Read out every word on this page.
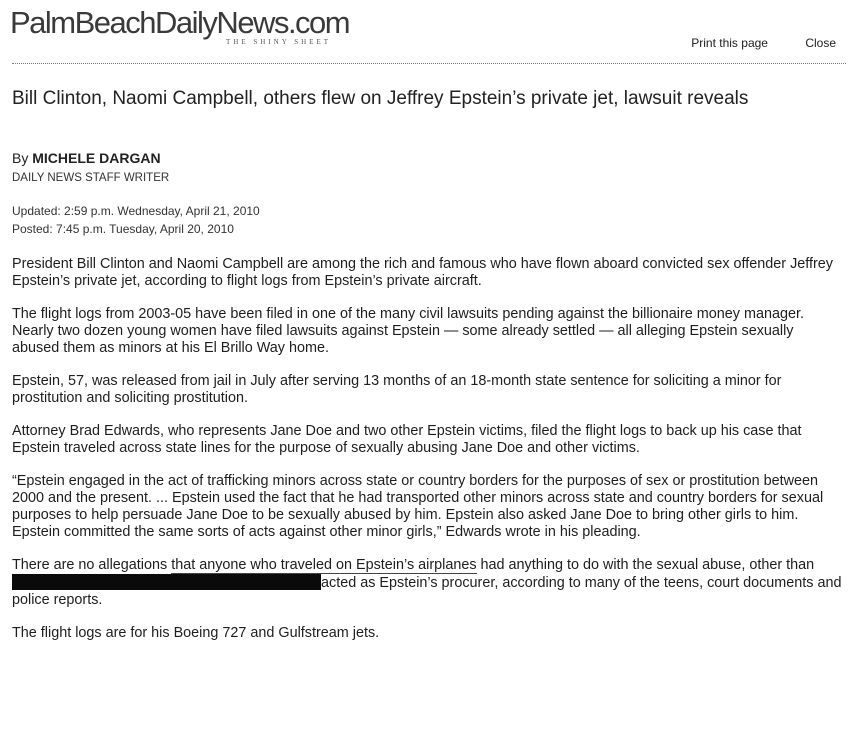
PalmBeachDailyNews.com
THE SHINY SHEET	Print this page	Close
Bill Clinton, Naomi Campbell, others flew on Jeffrey Epstein’s private jet, lawsuit reveals
By MICHELE DARGAN
DAILY NEWS STAFF WRITER
Updated: 2:59 p.m. Wednesday, April 21, 2010
Posted: 7:45 p.m. Tuesday, April 20, 2010

President Bill Clinton and Naomi Campbell are among the rich and famous who have flown aboard convicted sex offender Jeffrey Epstein’s private jet, according to flight logs from Epstein’s private aircraft.

The flight logs from 2003-05 have been filed in one of the many civil lawsuits pending against the billionaire money manager. Nearly two dozen young women have filed lawsuits against Epstein — some already settled — all alleging Epstein sexually abused them as minors at his El Brillo Way home.

Epstein, 57, was released from jail in July after serving 13 months of an 18-month state sentence for soliciting a minor for prostitution and soliciting prostitution.

Attorney Brad Edwards, who represents Jane Doe and two other Epstein victims, filed the flight logs to back up his case that Epstein traveled across state lines for the purpose of sexually abusing Jane Doe and other victims.

“Epstein engaged in the act of trafficking minors across state or country borders for the purposes of sex or prostitution between 2000 and the present. ... Epstein used the fact that he had transported other minors across state and country borders for sexual purposes to help persuade Jane Doe to be sexually abused by him. Epstein also asked Jane Doe to bring other girls to him. Epstein committed the same sorts of acts against other minor girls,” Edwards wrote in his pleading.

There are no allegations that anyone who traveled on Epstein’s airplanes had anything to do with the sexual abuse, other than acted as Epstein’s procurer, according to many of the teens, court documents and police reports.

The flight logs are for his Boeing 727 and Gulfstream jets.
